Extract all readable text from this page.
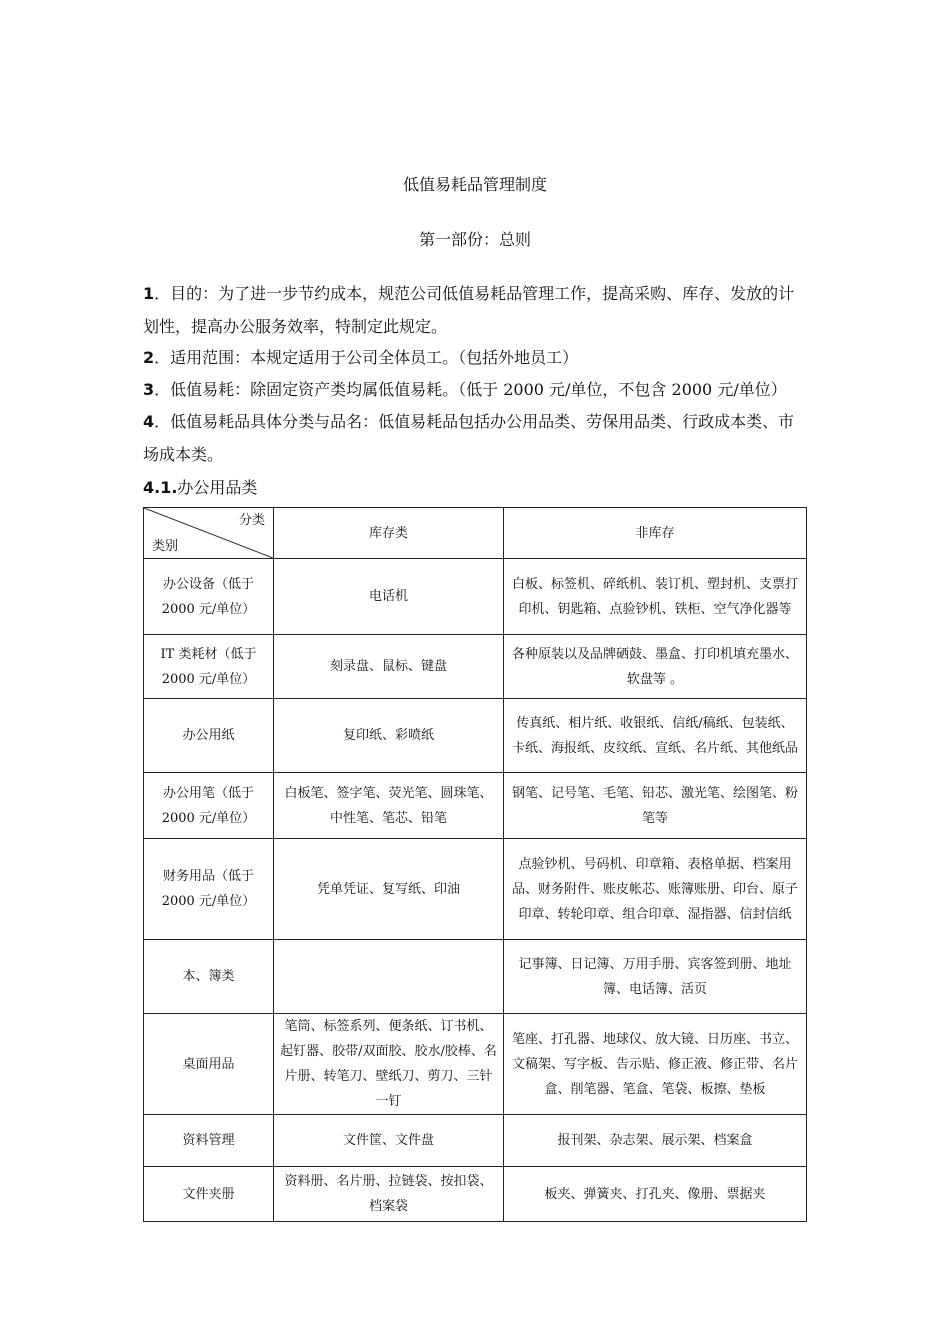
低值易耗品管理制度
第一部份：总则

1．目的：为了进一步节约成本，规范公司低值易耗品管理工作，提高采购、库存、发放的计划性，提高办公服务效率，特制定此规定。

2．适用范围：本规定适用于公司全体员工。（包括外地员工）

3．低值易耗：除固定资产类均属低值易耗。（低于 2000 元/单位，不包含 2000 元/单位）

4．低值易耗品具体分类与品名：低值易耗品包括办公用品类、劳保用品类、行政成本类、市场成本类。

4.1.办公用品类
分类
类别	库存类	非库存
办公设备（低于2000 元/单位）	电话机	白板、标签机、碎纸机、装订机、塑封机、支票打印机、钥匙箱、点验钞机、铁柜、空气净化器等
IT 类耗材（低于2000 元/单位）	刻录盘、鼠标、键盘	各种原装以及品牌硒鼓、墨盒、打印机填充墨水、软盘等 。
办公用纸	复印纸、彩喷纸	传真纸、相片纸、收银纸、信纸/稿纸、包装纸、卡纸、海报纸、皮纹纸、宣纸、名片纸、其他纸品
办公用笔（低于2000 元/单位）	白板笔、签字笔、荧光笔、圆珠笔、中性笔、笔芯、铅笔	钢笔、记号笔、毛笔、铅芯、激光笔、绘图笔、粉笔等
财务用品（低于2000 元/单位）	凭单凭证、复写纸、印油	点验钞机、号码机、印章箱、表格单据、档案用品、财务附件、账皮帐芯、账簿账册、印台、原子印章、转轮印章、组合印章、湿指器、信封信纸
本、簿类		记事簿、日记簿、万用手册、宾客签到册、地址簿、电话簿、活页
桌面用品	笔筒、标签系列、便条纸、订书机、起钉器、胶带/双面胶、胶水/胶棒、名片册、转笔刀、壁纸刀、剪刀、三针一钉	笔座、打孔器、地球仪、放大镜、日历座、书立、文稿架、写字板、告示贴、修正液、修正带、名片盒、削笔器、笔盒、笔袋、板擦、垫板
资料管理	文件筐、文件盘	报刊架、杂志架、展示架、档案盒
文件夹册	资料册、名片册、拉链袋、按扣袋、档案袋	板夹、弹簧夹、打孔夹、像册、票据夹
